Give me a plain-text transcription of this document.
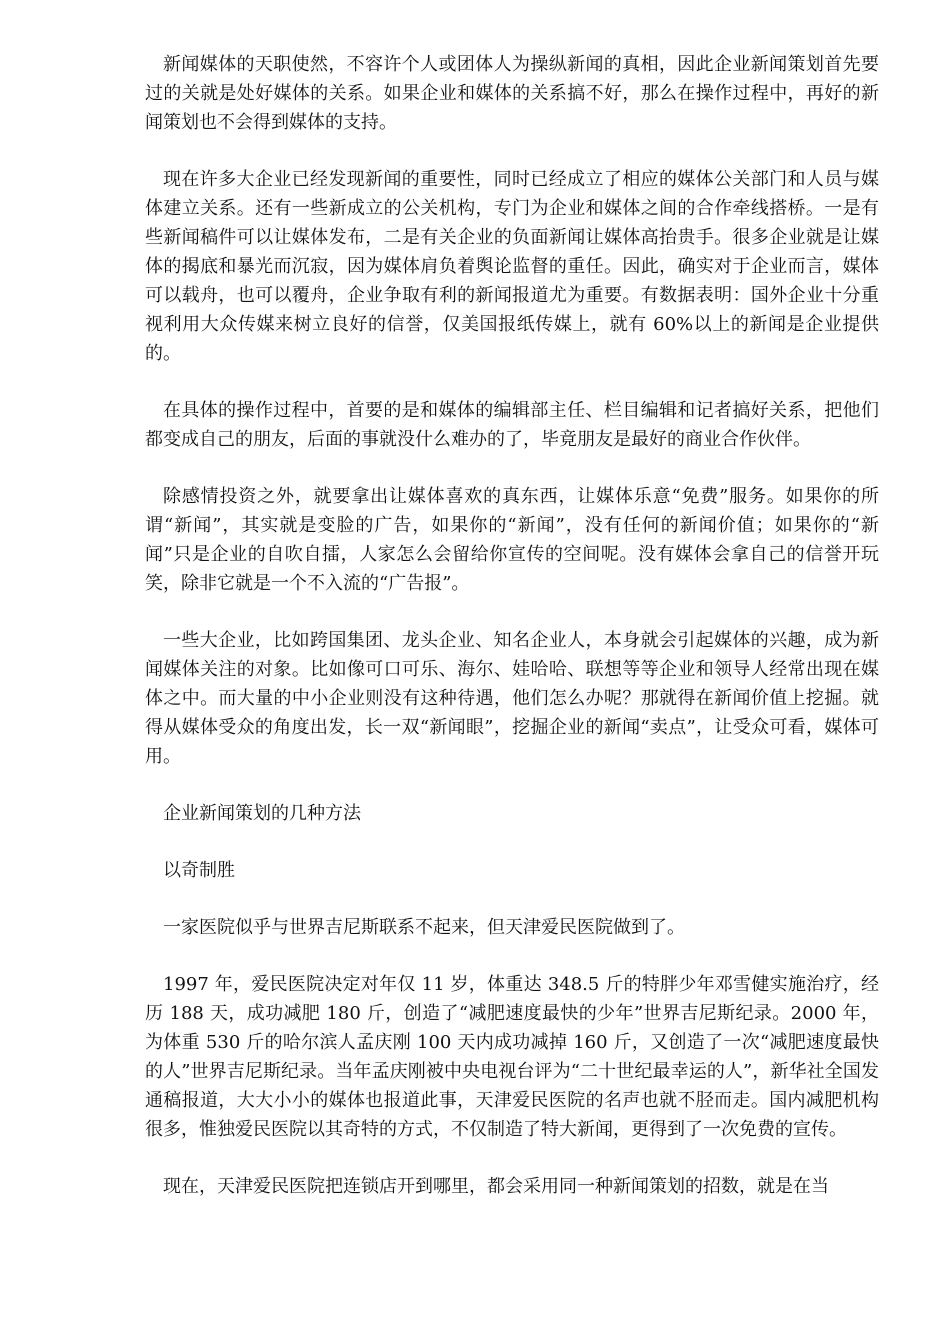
新闻媒体的天职使然，不容许个人或团体人为操纵新闻的真相，因此企业新闻策划首先要过的关就是处好媒体的关系。如果企业和媒体的关系搞不好，那么在操作过程中，再好的新闻策划也不会得到媒体的支持。

现在许多大企业已经发现新闻的重要性，同时已经成立了相应的媒体公关部门和人员与媒体建立关系。还有一些新成立的公关机构，专门为企业和媒体之间的合作牵线搭桥。一是有些新闻稿件可以让媒体发布，二是有关企业的负面新闻让媒体高抬贵手。很多企业就是让媒体的揭底和暴光而沉寂，因为媒体肩负着舆论监督的重任。因此，确实对于企业而言，媒体可以载舟，也可以覆舟，企业争取有利的新闻报道尤为重要。有数据表明：国外企业十分重视利用大众传媒来树立良好的信誉，仅美国报纸传媒上，就有 60%以上的新闻是企业提供的。

在具体的操作过程中，首要的是和媒体的编辑部主任、栏目编辑和记者搞好关系，把他们都变成自己的朋友，后面的事就没什么难办的了，毕竟朋友是最好的商业合作伙伴。

除感情投资之外，就要拿出让媒体喜欢的真东西，让媒体乐意“免费”服务。如果你的所谓“新闻”，其实就是变脸的广告，如果你的“新闻”，没有任何的新闻价值；如果你的“新闻”只是企业的自吹自擂，人家怎么会留给你宣传的空间呢。没有媒体会拿自己的信誉开玩笑，除非它就是一个不入流的“广告报”。

一些大企业，比如跨国集团、龙头企业、知名企业人，本身就会引起媒体的兴趣，成为新闻媒体关注的对象。比如像可口可乐、海尔、娃哈哈、联想等等企业和领导人经常出现在媒体之中。而大量的中小企业则没有这种待遇，他们怎么办呢？那就得在新闻价值上挖掘。就得从媒体受众的角度出发，长一双“新闻眼”，挖掘企业的新闻“卖点”，让受众可看，媒体可用。

企业新闻策划的几种方法

以奇制胜

一家医院似乎与世界吉尼斯联系不起来，但天津爱民医院做到了。

1997 年，爱民医院决定对年仅 11 岁，体重达 348.5 斤的特胖少年邓雪健实施治疗，经历 188 天，成功减肥 180 斤，创造了“减肥速度最快的少年”世界吉尼斯纪录。2000 年，为体重 530 斤的哈尔滨人孟庆刚 100 天内成功减掉 160 斤，又创造了一次“减肥速度最快的人”世界吉尼斯纪录。当年孟庆刚被中央电视台评为“二十世纪最幸运的人”，新华社全国发通稿报道，大大小小的媒体也报道此事，天津爱民医院的名声也就不胫而走。国内减肥机构很多，惟独爱民医院以其奇特的方式，不仅制造了特大新闻，更得到了一次免费的宣传。

现在，天津爱民医院把连锁店开到哪里，都会采用同一种新闻策划的招数，就是在当
